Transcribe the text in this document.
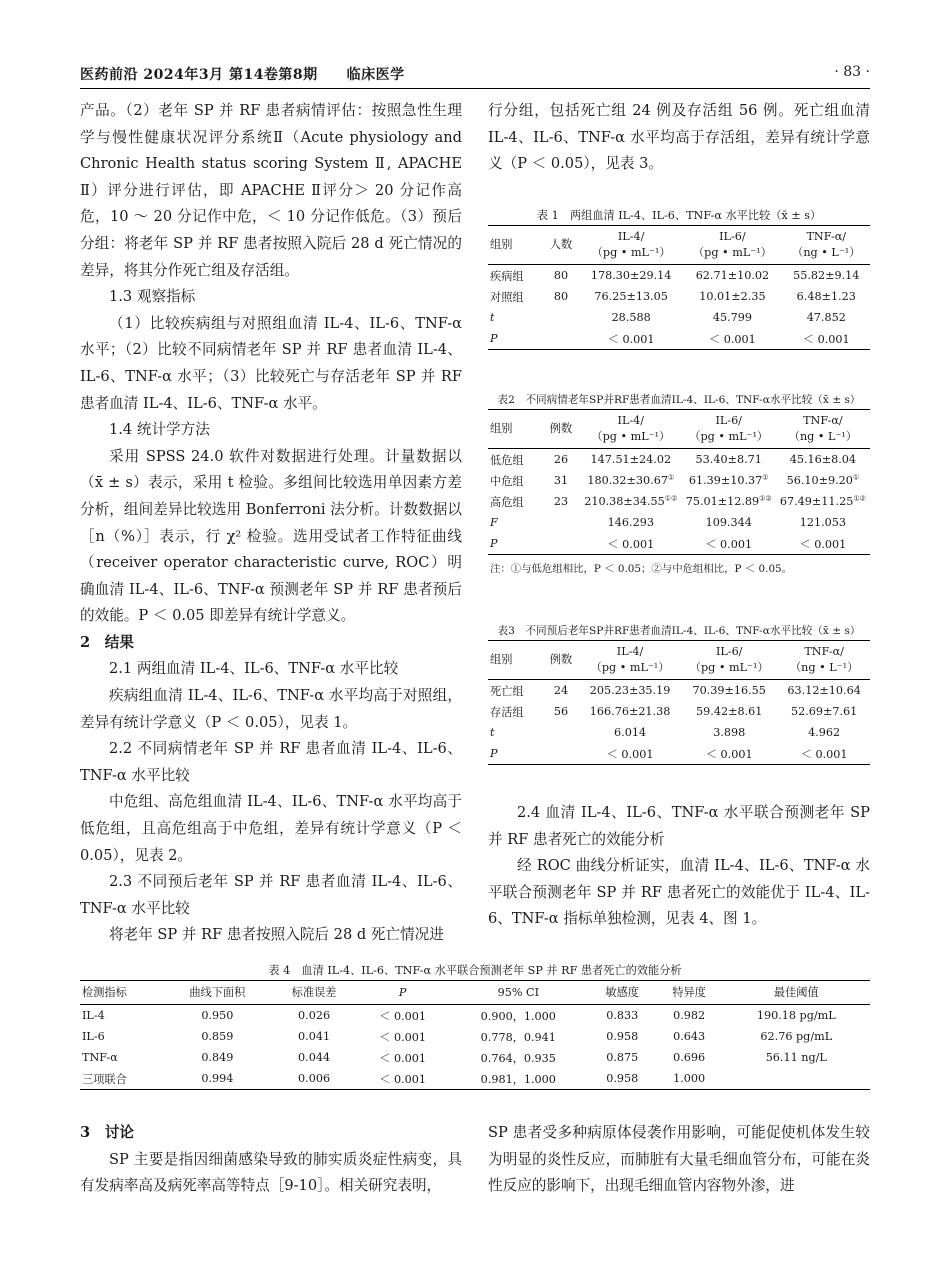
医药前沿 2024年3月 第14卷第8期　　临床医学	· 83 ·

产品。（2）老年 SP 并 RF 患者病情评估：按照急性生理学与慢性健康状况评分系统Ⅱ（Acute physiology and Chronic Health status scoring System Ⅱ, APACHE Ⅱ）评分进行评估，即 APACHE Ⅱ评分＞ 20 分记作高危，10 ～ 20 分记作中危，＜ 10 分记作低危。（3）预后分组：将老年 SP 并 RF 患者按照入院后 28 d 死亡情况的差异，将其分作死亡组及存活组。

1.3 观察指标

（1）比较疾病组与对照组血清 IL-4、IL-6、TNF-α 水平；（2）比较不同病情老年 SP 并 RF 患者血清 IL-4、IL-6、TNF-α 水平；（3）比较死亡与存活老年 SP 并 RF 患者血清 IL-4、IL-6、TNF-α 水平。

1.4 统计学方法

采用 SPSS 24.0 软件对数据进行处理。计量数据以（x̄ ± s）表示，采用 t 检验。多组间比较选用单因素方差分析，组间差异比较选用 Bonferroni 法分析。计数数据以［n（%）］表示，行 χ² 检验。选用受试者工作特征曲线（receiver operator characteristic curve, ROC）明确血清 IL-4、IL-6、TNF-α 预测老年 SP 并 RF 患者预后的效能。P ＜ 0.05 即差异有统计学意义。

2　结果

2.1 两组血清 IL-4、IL-6、TNF-α 水平比较

疾病组血清 IL-4、IL-6、TNF-α 水平均高于对照组，差异有统计学意义（P ＜ 0.05），见表 1。

2.2 不同病情老年 SP 并 RF 患者血清 IL-4、IL-6、TNF-α 水平比较

中危组、高危组血清 IL-4、IL-6、TNF-α 水平均高于低危组，且高危组高于中危组，差异有统计学意义（P ＜ 0.05），见表 2。

2.3 不同预后老年 SP 并 RF 患者血清 IL-4、IL-6、TNF-α 水平比较

将老年 SP 并 RF 患者按照入院后 28 d 死亡情况进

行分组，包括死亡组 24 例及存活组 56 例。死亡组血清 IL-4、IL-6、TNF-α 水平均高于存活组，差异有统计学意义（P ＜ 0.05），见表 3。

表 1　两组血清 IL-4、IL-6、TNF-α 水平比较（x̄ ± s）

组别	人数	IL-4/
（pg • mL⁻¹）	IL-6/
（pg • mL⁻¹）	TNF-α/
（ng • L⁻¹）
疾病组	80	178.30±29.14	62.71±10.02	55.82±9.14
对照组	80	76.25±13.05	10.01±2.35	6.48±1.23
t		28.588	45.799	47.852
P		＜ 0.001	＜ 0.001	＜ 0.001

表2　不同病情老年SP并RF患者血清IL-4、IL-6、TNF-α水平比较（x̄ ± s）

组别	例数	IL-4/
（pg • mL⁻¹）	IL-6/
（pg • mL⁻¹）	TNF-α/
（ng • L⁻¹）
低危组	26	147.51±24.02	53.40±8.71	45.16±8.04
中危组	31	180.32±30.67①	61.39±10.37①	56.10±9.20①
高危组	23	210.38±34.55①②	75.01±12.89①②	67.49±11.25①②
F		146.293	109.344	121.053
P		＜ 0.001	＜ 0.001	＜ 0.001

注：①与低危组相比，P ＜ 0.05；②与中危组相比，P ＜ 0.05。

表3　不同预后老年SP并RF患者血清IL-4、IL-6、TNF-α水平比较（x̄ ± s）

组别	例数	IL-4/
（pg • mL⁻¹）	IL-6/
（pg • mL⁻¹）	TNF-α/
（ng • L⁻¹）
死亡组	24	205.23±35.19	70.39±16.55	63.12±10.64
存活组	56	166.76±21.38	59.42±8.61	52.69±7.61
t		6.014	3.898	4.962
P		＜ 0.001	＜ 0.001	＜ 0.001

2.4 血清 IL-4、IL-6、TNF-α 水平联合预测老年 SP 并 RF 患者死亡的效能分析

经 ROC 曲线分析证实，血清 IL-4、IL-6、TNF-α 水平联合预测老年 SP 并 RF 患者死亡的效能优于 IL-4、IL-6、TNF-α 指标单独检测，见表 4、图 1。

表 4　血清 IL-4、IL-6、TNF-α 水平联合预测老年 SP 并 RF 患者死亡的效能分析

检测指标	曲线下面积	标准误差	P	95% CI	敏感度	特异度	最佳阈值
IL-4	0.950	0.026	＜ 0.001	0.900，1.000	0.833	0.982	190.18 pg/mL
IL-6	0.859	0.041	＜ 0.001	0.778，0.941	0.958	0.643	62.76 pg/mL
TNF-α	0.849	0.044	＜ 0.001	0.764，0.935	0.875	0.696	56.11 ng/L
三项联合	0.994	0.006	＜ 0.001	0.981，1.000	0.958	1.000	

3　讨论

SP 主要是指因细菌感染导致的肺实质炎症性病变，具有发病率高及病死率高等特点［9-10］。相关研究表明，

SP 患者受多种病原体侵袭作用影响，可能促使机体发生较为明显的炎性反应，而肺脏有大量毛细血管分布，可能在炎性反应的影响下，出现毛细血管内容物外渗，进
